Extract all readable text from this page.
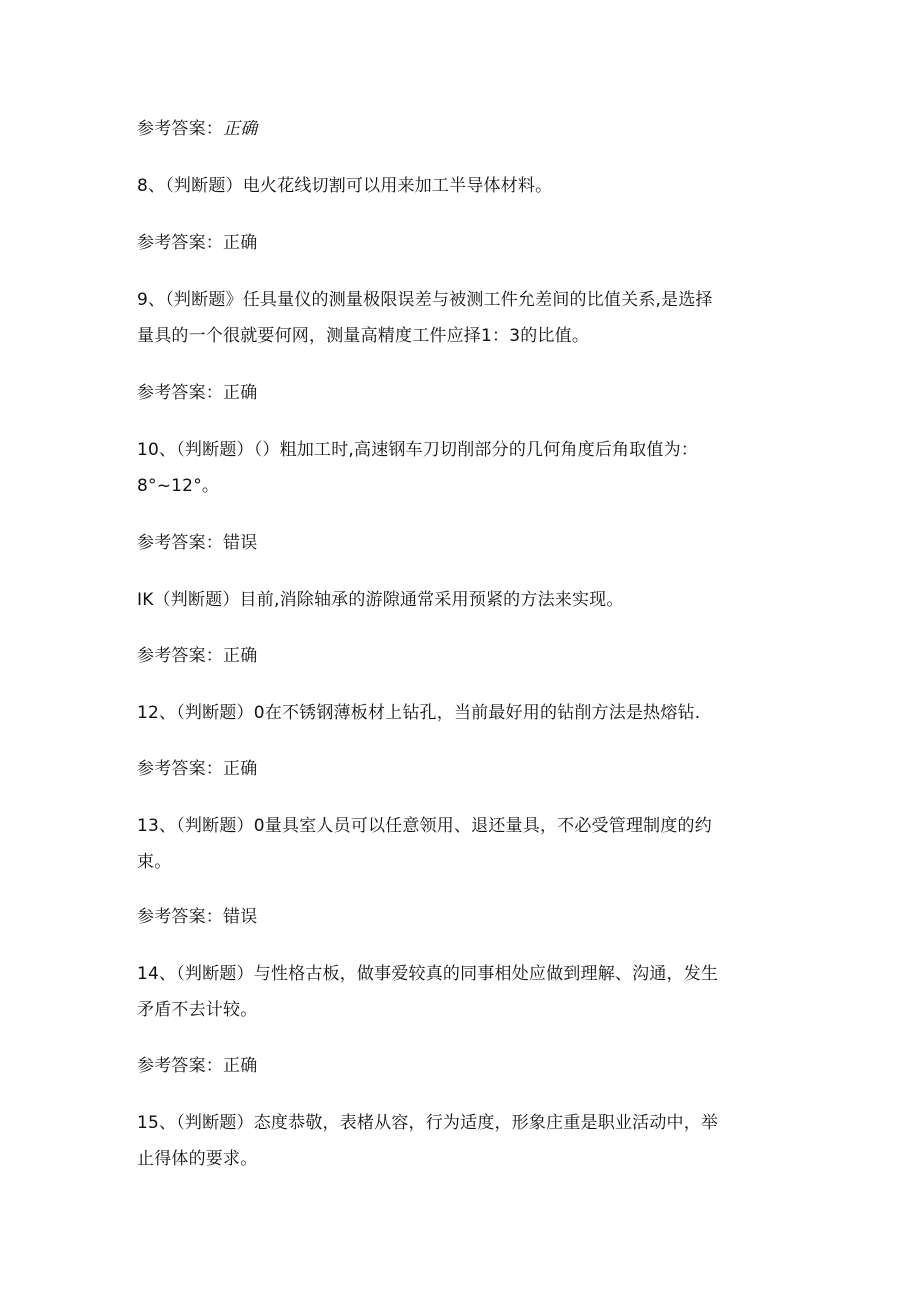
参考答案：正确
8、（判断题）电火花线切割可以用来加工半导体材料。
参考答案：正确
9、（判断题》任具量仪的测量极限误差与被测工件允差间的比值关系,是选择
量具的一个很就要何网，测量高精度工件应择1：3的比值。
参考答案：正确
10、（判断题）（）粗加工时,高速钢车刀切削部分的几何角度后角取值为：
8°~12°。
参考答案：错误
IK（判断题）目前,消除轴承的游隙通常采用预紧的方法来实现。
参考答案：正确
12、（判断题）0在不锈钢薄板材上钻孔，当前最好用的钻削方法是热熔钻.
参考答案：正确
13、（判断题）0量具室人员可以任意领用、退还量具，不必受管理制度的约
束。
参考答案：错误
14、（判断题）与性格古板，做事爱较真的同事相处应做到理解、沟通，发生
矛盾不去计较。
参考答案：正确
15、（判断题）态度恭敬，表楮从容，行为适度，形象庄重是职业活动中，举
止得体的要求。
